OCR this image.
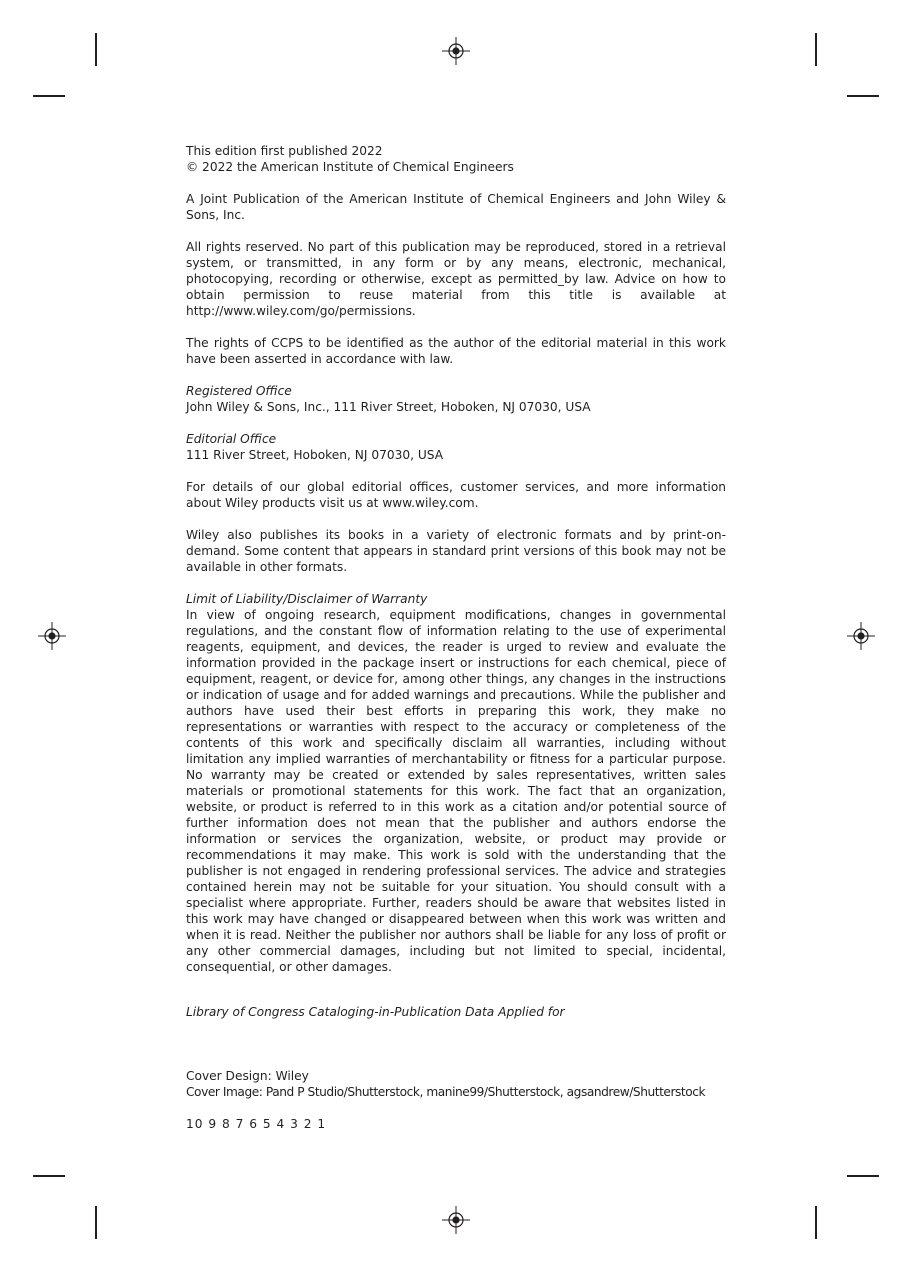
This edition first published 2022
© 2022 the American Institute of Chemical Engineers

A Joint Publication of the American Institute of Chemical Engineers and John Wiley & Sons, Inc.

All rights reserved. No part of this publication may be reproduced, stored in a retrieval system, or transmitted, in any form or by any means, electronic, mechanical, photocopying, recording or otherwise, except as permitted_by law. Advice on how to obtain permission to reuse material from this title is available at http://www.wiley.com/go/permissions.

The rights of CCPS to be identified as the author of the editorial material in this work have been asserted in accordance with law.

Registered Office
John Wiley & Sons, Inc., 111 River Street, Hoboken, NJ 07030, USA

Editorial Office
111 River Street, Hoboken, NJ 07030, USA

For details of our global editorial offices, customer services, and more information about Wiley products visit us at www.wiley.com.

Wiley also publishes its books in a variety of electronic formats and by print-on-demand. Some content that appears in standard print versions of this book may not be available in other formats.

Limit of Liability/Disclaimer of Warranty
In view of ongoing research, equipment modifications, changes in governmental regulations, and the constant flow of information relating to the use of experimental reagents, equipment, and devices, the reader is urged to review and evaluate the information provided in the package insert or instructions for each chemical, piece of equipment, reagent, or device for, among other things, any changes in the instructions or indication of usage and for added warnings and precautions. While the publisher and authors have used their best efforts in preparing this work, they make no representations or warranties with respect to the accuracy or completeness of the contents of this work and specifically disclaim all warranties, including without limitation any implied warranties of merchantability or fitness for a particular purpose. No warranty may be created or extended by sales representatives, written sales materials or promotional statements for this work. The fact that an organization, website, or product is referred to in this work as a citation and/or potential source of further information does not mean that the publisher and authors endorse the information or services the organization, website, or product may provide or recommendations it may make. This work is sold with the understanding that the publisher is not engaged in rendering professional services. The advice and strategies contained herein may not be suitable for your situation. You should consult with a specialist where appropriate. Further, readers should be aware that websites listed in this work may have changed or disappeared between when this work was written and when it is read. Neither the publisher nor authors shall be liable for any loss of profit or any other commercial damages, including but not limited to special, incidental, consequential, or other damages.

Library of Congress Cataloging-in-Publication Data Applied for

Cover Design: Wiley
Cover Image: Pand P Studio/Shutterstock, manine99/Shutterstock, agsandrew/Shutterstock

10 9 8 7 6 5 4 3 2 1
